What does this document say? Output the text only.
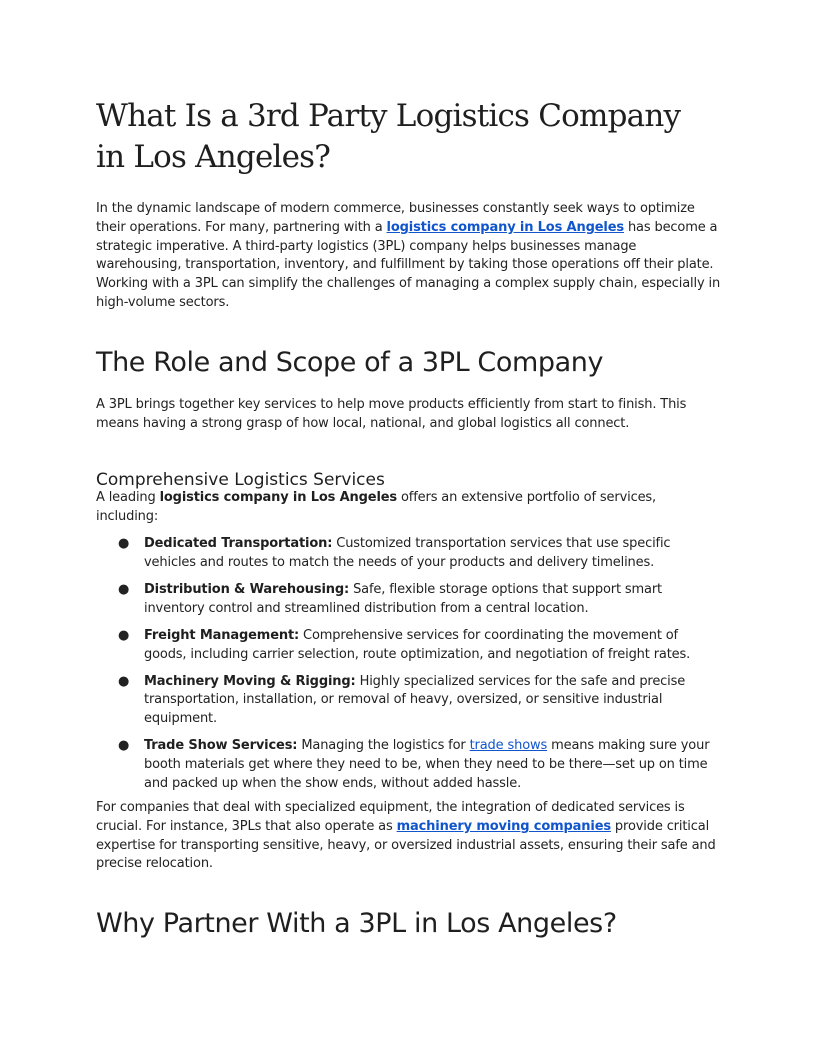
What Is a 3rd Party Logistics Company in Los Angeles?

In the dynamic landscape of modern commerce, businesses constantly seek ways to optimize their operations. For many, partnering with a logistics company in Los Angeles has become a strategic imperative. A third-party logistics (3PL) company helps businesses manage warehousing, transportation, inventory, and fulfillment by taking those operations off their plate. Working with a 3PL can simplify the challenges of managing a complex supply chain, especially in high-volume sectors.

The Role and Scope of a 3PL Company

A 3PL brings together key services to help move products efficiently from start to finish. This means having a strong grasp of how local, national, and global logistics all connect.

Comprehensive Logistics Services

A leading logistics company in Los Angeles offers an extensive portfolio of services, including:

● Dedicated Transportation: Customized transportation services that use specific vehicles and routes to match the needs of your products and delivery timelines.
● Distribution & Warehousing: Safe, flexible storage options that support smart inventory control and streamlined distribution from a central location.
● Freight Management: Comprehensive services for coordinating the movement of goods, including carrier selection, route optimization, and negotiation of freight rates.
● Machinery Moving & Rigging: Highly specialized services for the safe and precise transportation, installation, or removal of heavy, oversized, or sensitive industrial equipment.
● Trade Show Services: Managing the logistics for trade shows means making sure your booth materials get where they need to be, when they need to be there—set up on time and packed up when the show ends, without added hassle.

For companies that deal with specialized equipment, the integration of dedicated services is crucial. For instance, 3PLs that also operate as machinery moving companies provide critical expertise for transporting sensitive, heavy, or oversized industrial assets, ensuring their safe and precise relocation.

Why Partner With a 3PL in Los Angeles?
